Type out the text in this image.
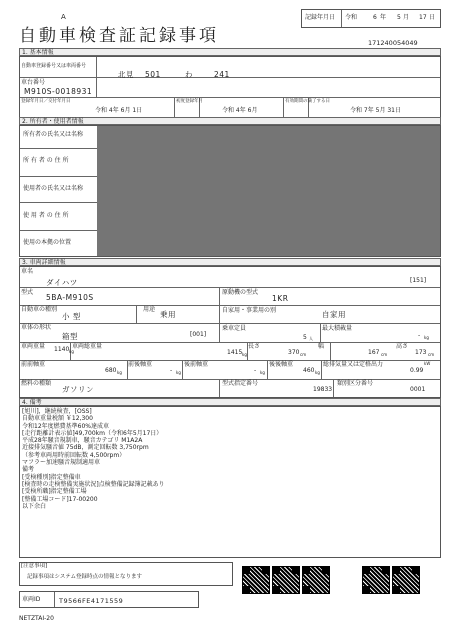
A
自動車検査証記録事項
記録年月日 令和	6 年 5 月 17 日
171240054049
1. 基本情報
自動車登録番号又は車両番号
北見 501	わ	241
車台番号
M910S-0018931
登録年月日／交付年月日
令和 4年 6月 1日
初度登録年月
令和 4年 6月
有効期間の満了する日
令和 7年 5月 31日
2. 所有者・使用者情報
所有者の氏名又は名称
所 有 者 の 住 所
使用者の氏名又は名称
使 用 者 の 住 所
使用の本拠の位置
3. 車両詳細情報
車名
ダイハツ	[151]
型式
5BA-M910S
原動機の型式
1KR
自動車の種別
小 型
用途
乗用	自家用・事業用の別	自家用
車体の形状
箱型	[001]
乗車定員
5 人
最大積載量
- kg
車両重量 1140 kg
車両総重量
1415 kg
長さ
370 cm
幅
167 cm
高さ
173 cm
前前軸重
680 kg
前後軸重
- kg
後前軸重
- kg
後後軸重
460 kg
総排気量又は定格出力	kW
0.99
燃料の種類
ガソリン
型式指定番号
19833
類別区分番号
0001
4. 備考
[旭川]，継続検査，[OSS]
自動車重量税額 ￥12,300
令和12年度燃費基準60%達成車
[走行距離計表示値]49,700km（令和6年5月17日）
平成28年騒音規制車，騒音カテゴリ M1A2A
近接排気騒音値 75dB，測定回転数 3,750rpm
（参考車両用時前回転数 4,500rpm）
マフラー加速騒音規制適用車
備考
[受検種別]指定整備車
[検査時の走検整備実施状況]点検整備記録簿記載あり
[受検所職]指定整備工場
[整備工場コード]17-00200
以下余白
[注意事項]
記録事項はシステム登録時点の情報となります
車両ID	T9566FE4171559
NETZTAI-20
